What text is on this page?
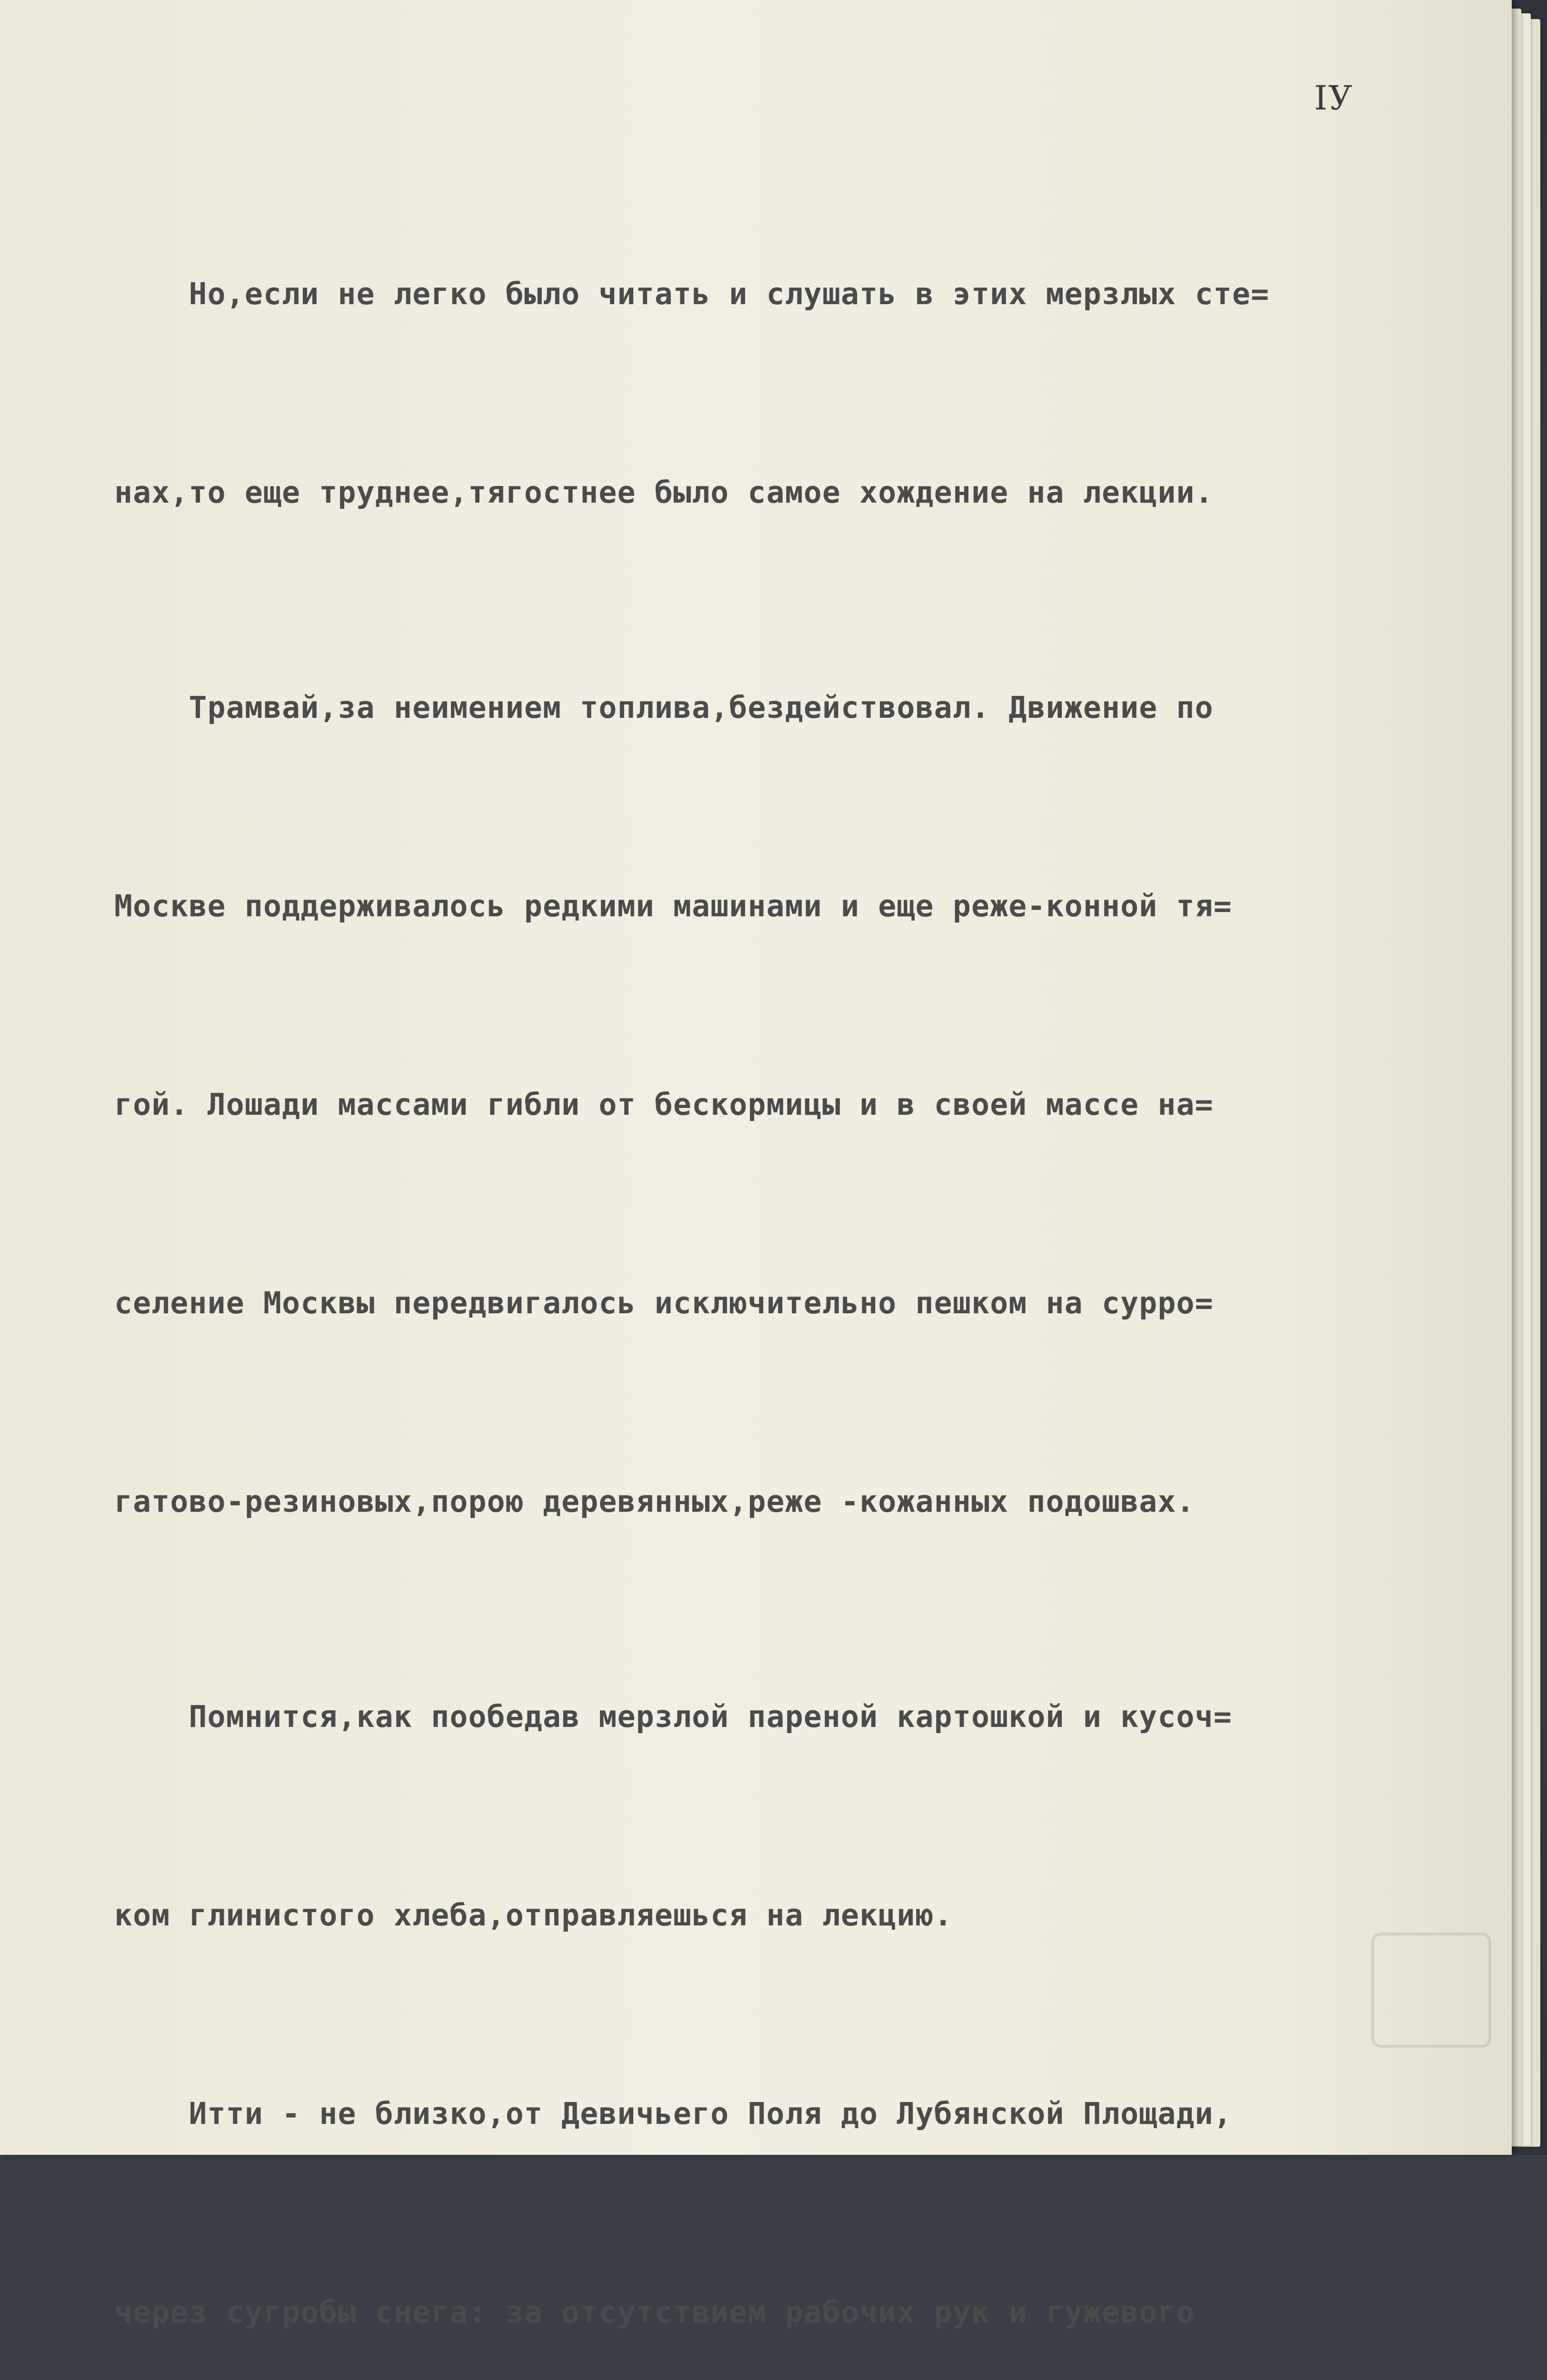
IУ

Но,если не легко было читать и слушать в этих мерзлых сте=

нах,то еще труднее,тягостнее было самое хождение на лекции.

Трамвай,за неимением топлива,бездействовал. Движение по

Москве поддерживалось редкими машинами и еще реже-конной тя=

гой. Лошади массами гибли от бескормицы и в своей массе на=

селение Москвы передвигалось исключительно пешком на сурро=

гатово-резиновых,порою деревянных,реже -кожанных подошвах.

Помнится,как пообедав мерзлой пареной картошкой и кусоч=

ком глинистого хлеба,отправляешься на лекцию.

Итти - не близко,от Девичьего Поля до Лубянской Площади,

через сугробы снега: за отсутствием рабочих рук и гужевого
